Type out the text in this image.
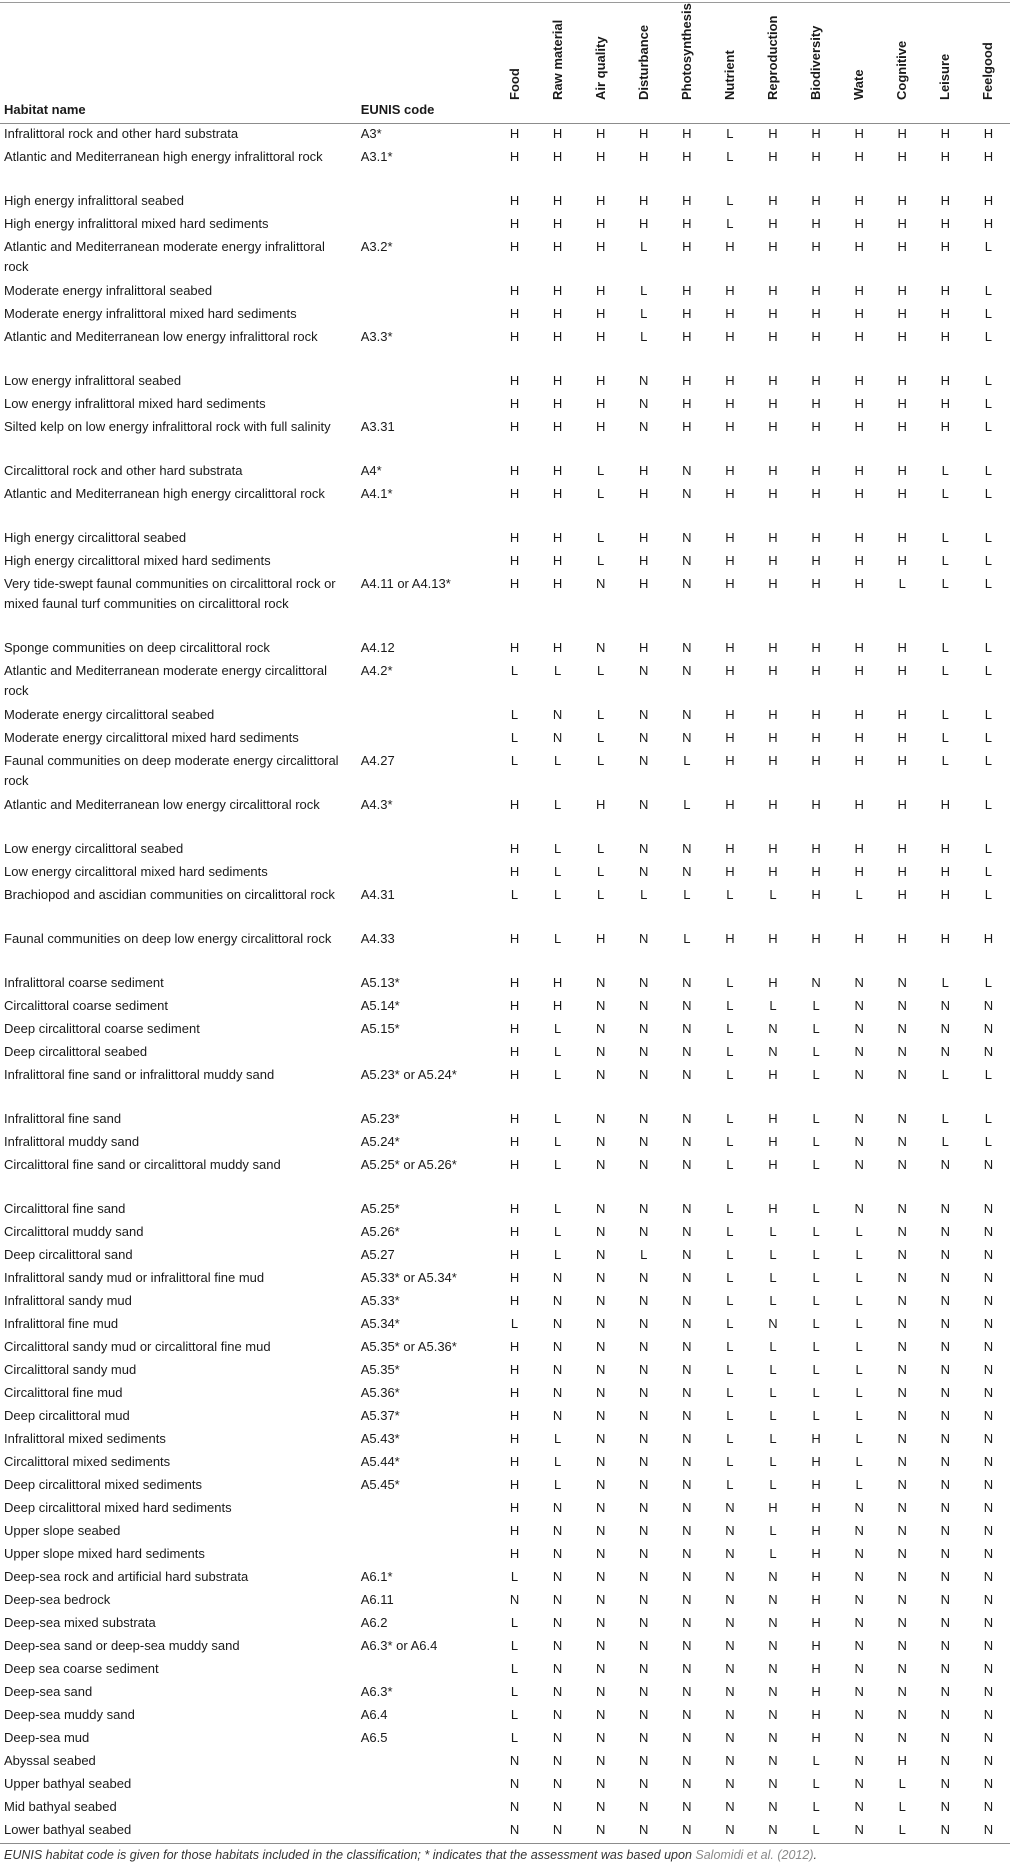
Habitat name	EUNIS code	Food	Raw material	Air quality	Disturbance	Photosynthesis	Nutrient	Reproduction	Biodiversity	Wate	Cognitive	Leisure	Feelgood

Infralittoral rock and other hard substrata	A3*	H	H	H	H	H	L	H	H	H	H	H	H
Atlantic and Mediterranean high energy infralittoral rock	A3.1*	H	H	H	H	H	L	H	H	H	H	H	H
High energy infralittoral seabed		H	H	H	H	H	L	H	H	H	H	H	H
High energy infralittoral mixed hard sediments		H	H	H	H	H	L	H	H	H	H	H	H
Atlantic and Mediterranean moderate energy infralittoral rock	A3.2*	H	H	H	L	H	H	H	H	H	H	H	L
Moderate energy infralittoral seabed		H	H	H	L	H	H	H	H	H	H	H	L
Moderate energy infralittoral mixed hard sediments		H	H	H	L	H	H	H	H	H	H	H	L
Atlantic and Mediterranean low energy infralittoral rock	A3.3*	H	H	H	L	H	H	H	H	H	H	H	L
Low energy infralittoral seabed		H	H	H	N	H	H	H	H	H	H	H	L
Low energy infralittoral mixed hard sediments		H	H	H	N	H	H	H	H	H	H	H	L
Silted kelp on low energy infralittoral rock with full salinity	A3.31	H	H	H	N	H	H	H	H	H	H	H	L
Circalittoral rock and other hard substrata	A4*	H	H	L	H	N	H	H	H	H	H	L	L
Atlantic and Mediterranean high energy circalittoral rock	A4.1*	H	H	L	H	N	H	H	H	H	H	L	L
High energy circalittoral seabed		H	H	L	H	N	H	H	H	H	H	L	L
High energy circalittoral mixed hard sediments		H	H	L	H	N	H	H	H	H	H	L	L
Very tide-swept faunal communities on circalittoral rock or mixed faunal turf communities on circalittoral rock	A4.11 or A4.13*	H	H	N	H	N	H	H	H	H	L	L	L
Sponge communities on deep circalittoral rock	A4.12	H	H	N	H	N	H	H	H	H	H	L	L
Atlantic and Mediterranean moderate energy circalittoral rock	A4.2*	L	L	L	N	N	H	H	H	H	H	L	L
Moderate energy circalittoral seabed		L	N	L	N	N	H	H	H	H	H	L	L
Moderate energy circalittoral mixed hard sediments		L	N	L	N	N	H	H	H	H	H	L	L
Faunal communities on deep moderate energy circalittoral rock	A4.27	L	L	L	N	L	H	H	H	H	H	L	L
Atlantic and Mediterranean low energy circalittoral rock	A4.3*	H	L	H	N	L	H	H	H	H	H	H	L
Low energy circalittoral seabed		H	L	L	N	N	H	H	H	H	H	H	L
Low energy circalittoral mixed hard sediments		H	L	L	N	N	H	H	H	H	H	H	L
Brachiopod and ascidian communities on circalittoral rock	A4.31	L	L	L	L	L	L	L	H	L	H	H	L
Faunal communities on deep low energy circalittoral rock	A4.33	H	L	H	N	L	H	H	H	H	H	H	H
Infralittoral coarse sediment	A5.13*	H	H	N	N	N	L	H	N	N	N	L	L
Circalittoral coarse sediment	A5.14*	H	H	N	N	N	L	L	L	N	N	N	N
Deep circalittoral coarse sediment	A5.15*	H	L	N	N	N	L	N	L	N	N	N	N
Deep circalittoral seabed		H	L	N	N	N	L	N	L	N	N	N	N
Infralittoral fine sand or infralittoral muddy sand	A5.23* or A5.24*	H	L	N	N	N	L	H	L	N	N	L	L
Infralittoral fine sand	A5.23*	H	L	N	N	N	L	H	L	N	N	L	L
Infralittoral muddy sand	A5.24*	H	L	N	N	N	L	H	L	N	N	L	L
Circalittoral fine sand or circalittoral muddy sand	A5.25* or A5.26*	H	L	N	N	N	L	H	L	N	N	N	N
Circalittoral fine sand	A5.25*	H	L	N	N	N	L	H	L	N	N	N	N
Circalittoral muddy sand	A5.26*	H	L	N	N	N	L	L	L	L	N	N	N
Deep circalittoral sand	A5.27	H	L	N	L	N	L	L	L	L	N	N	N
Infralittoral sandy mud or infralittoral fine mud	A5.33* or A5.34*	H	N	N	N	N	L	L	L	L	N	N	N
Infralittoral sandy mud	A5.33*	H	N	N	N	N	L	L	L	L	N	N	N
Infralittoral fine mud	A5.34*	L	N	N	N	N	L	N	L	L	N	N	N
Circalittoral sandy mud or circalittoral fine mud	A5.35* or A5.36*	H	N	N	N	N	L	L	L	L	N	N	N
Circalittoral sandy mud	A5.35*	H	N	N	N	N	L	L	L	L	N	N	N
Circalittoral fine mud	A5.36*	H	N	N	N	N	L	L	L	L	N	N	N
Deep circalittoral mud	A5.37*	H	N	N	N	N	L	L	L	L	N	N	N
Infralittoral mixed sediments	A5.43*	H	L	N	N	N	L	L	H	L	N	N	N
Circalittoral mixed sediments	A5.44*	H	L	N	N	N	L	L	H	L	N	N	N
Deep circalittoral mixed sediments	A5.45*	H	L	N	N	N	L	L	H	L	N	N	N
Deep circalittoral mixed hard sediments		H	N	N	N	N	N	H	H	N	N	N	N
Upper slope seabed		H	N	N	N	N	N	L	H	N	N	N	N
Upper slope mixed hard sediments		H	N	N	N	N	N	L	H	N	N	N	N
Deep-sea rock and artificial hard substrata	A6.1*	L	N	N	N	N	N	N	H	N	N	N	N
Deep-sea bedrock	A6.11	N	N	N	N	N	N	N	H	N	N	N	N
Deep-sea mixed substrata	A6.2	L	N	N	N	N	N	N	H	N	N	N	N
Deep-sea sand or deep-sea muddy sand	A6.3* or A6.4	L	N	N	N	N	N	N	H	N	N	N	N
Deep sea coarse sediment		L	N	N	N	N	N	N	H	N	N	N	N
Deep-sea sand	A6.3*	L	N	N	N	N	N	N	H	N	N	N	N
Deep-sea muddy sand	A6.4	L	N	N	N	N	N	N	H	N	N	N	N
Deep-sea mud	A6.5	L	N	N	N	N	N	N	H	N	N	N	N
Abyssal seabed		N	N	N	N	N	N	N	L	N	H	N	N
Upper bathyal seabed		N	N	N	N	N	N	N	L	N	L	N	N
Mid bathyal seabed		N	N	N	N	N	N	N	L	N	L	N	N
Lower bathyal seabed		N	N	N	N	N	N	N	L	N	L	N	N
EUNIS habitat code is given for those habitats included in the classification; * indicates that the assessment was based upon Salomidi et al. (2012).
